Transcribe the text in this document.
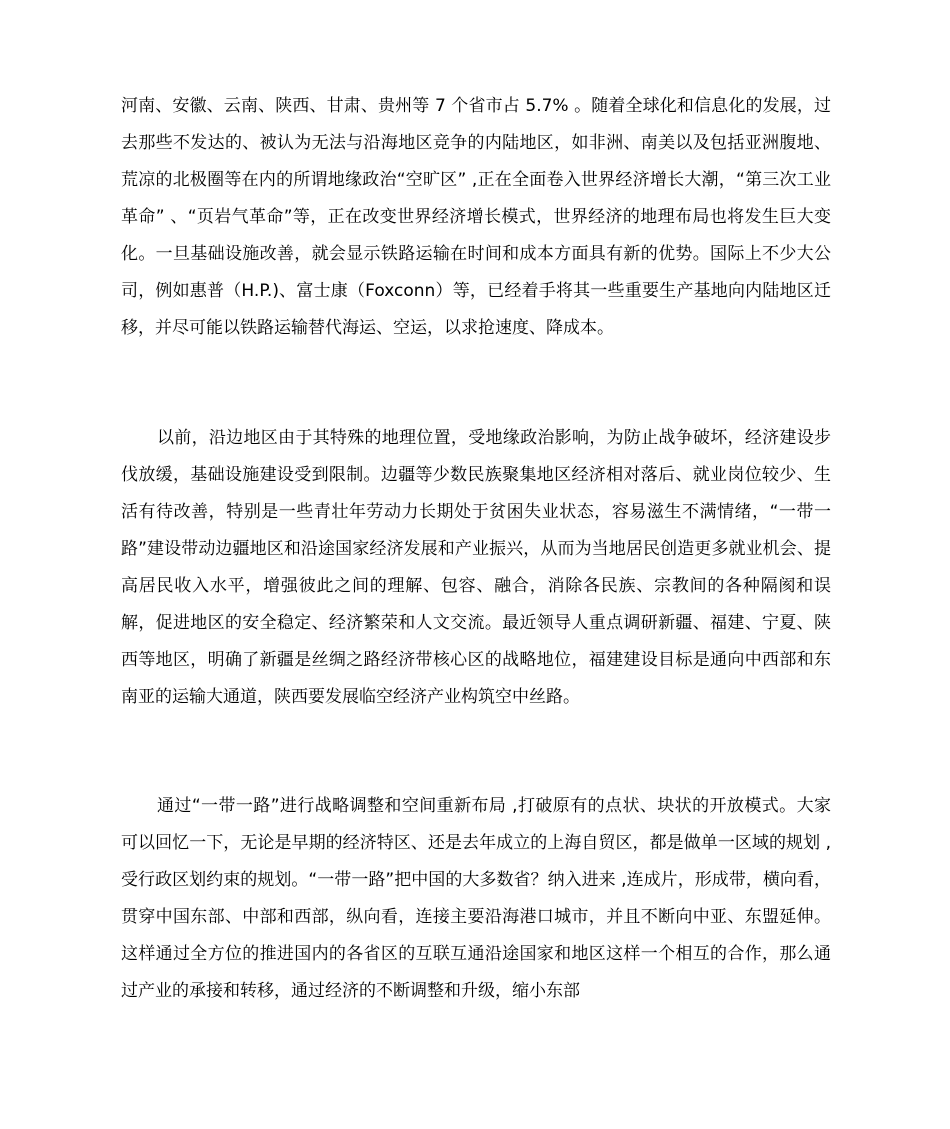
河南、安徽、云南、陕西、甘肃、贵州等 7 个省市占 5.7% 。随着全球化和信息化的发展，过去那些不发达的、被认为无法与沿海地区竞争的内陆地区，如非洲、南美以及包括亚洲腹地、荒凉的北极圈等在内的所谓地缘政治“空旷区” ,正在全面卷入世界经济增长大潮，“第三次工业革命” 、“页岩气革命”等，正在改变世界经济增长模式，世界经济的地理布局也将发生巨大变化。一旦基础设施改善，就会显示铁路运输在时间和成本方面具有新的优势。国际上不少大公司，例如惠普（H.P.)、富士康（Foxconn）等，已经着手将其一些重要生产基地向内陆地区迁移，并尽可能以铁路运输替代海运、空运，以求抢速度、降成本。

以前，沿边地区由于其特殊的地理位置，受地缘政治影响，为防止战争破坏，经济建设步伐放缓，基础设施建设受到限制。边疆等少数民族聚集地区经济相对落后、就业岗位较少、生活有待改善，特别是一些青壮年劳动力长期处于贫困失业状态，容易滋生不满情绪，“一带一路”建设带动边疆地区和沿途国家经济发展和产业振兴，从而为当地居民创造更多就业机会、提高居民收入水平，增强彼此之间的理解、包容、融合，消除各民族、宗教间的各种隔阂和误解，促进地区的安全稳定、经济繁荣和人文交流。最近领导人重点调研新疆、福建、宁夏、陕西等地区，明确了新疆是丝绸之路经济带核心区的战略地位，福建建设目标是通向中西部和东南亚的运输大通道，陕西要发展临空经济产业构筑空中丝路。

通过“一带一路”进行战略调整和空间重新布局 ,打破原有的点状、块状的开放模式。大家可以回忆一下，无论是早期的经济特区、还是去年成立的上海自贸区，都是做单一区域的规划 ,受行政区划约束的规划。“一带一路”把中国的大多数省？纳入进来 ,连成片，形成带，横向看，贯穿中国东部、中部和西部，纵向看，连接主要沿海港口城市，并且不断向中亚、东盟延伸。这样通过全方位的推进国内的各省区的互联互通沿途国家和地区这样一个相互的合作，那么通过产业的承接和转移，通过经济的不断调整和升级，缩小东部
